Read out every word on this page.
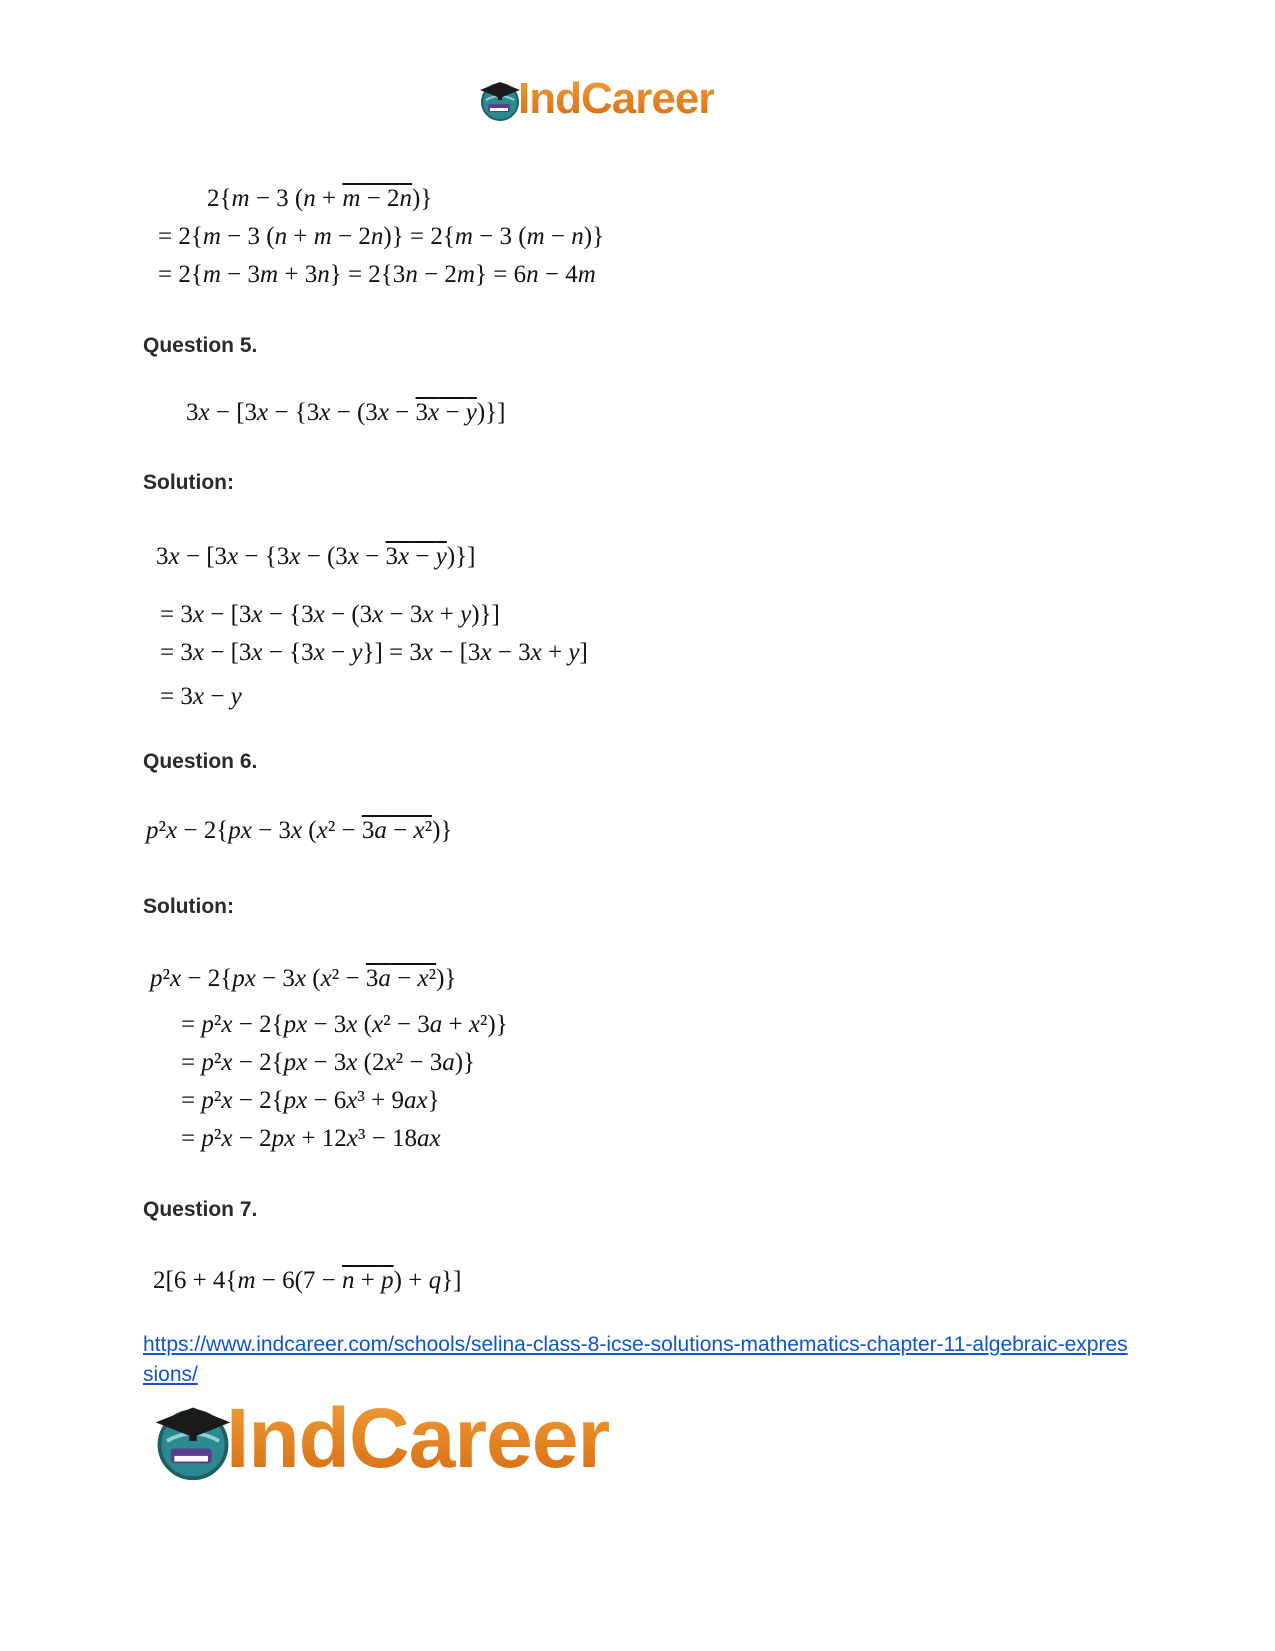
IndCareer
2{m − 3 (n + m − 2n)}
= 2{m − 3 (n + m − 2n)} = 2{m − 3 (m − n)}
= 2{m − 3m + 3n} = 2{3n − 2m} = 6n − 4m
Question 5.
3x − [3x − {3x − (3x − 3x − y)}]
Solution:
3x − [3x − {3x − (3x − 3x − y)}]
= 3x − [3x − {3x − (3x − 3x + y)}]
= 3x − [3x − {3x − y}] = 3x − [3x − 3x + y]
= 3x − y
Question 6.
p²x − 2{px − 3x (x² − 3a − x²)}
Solution:
p²x − 2{px − 3x (x² − 3a − x²)}
= p²x − 2{px − 3x (x² − 3a + x²)}
= p²x − 2{px − 3x (2x² − 3a)}
= p²x − 2{px − 6x³ + 9ax}
= p²x − 2px + 12x³ − 18ax
Question 7.
2[6 + 4{m − 6(7 − n + p) + q}]
https://www.indcareer.com/schools/selina-class-8-icse-solutions-mathematics-chapter-11-algebraic-expressions/
IndCareer
